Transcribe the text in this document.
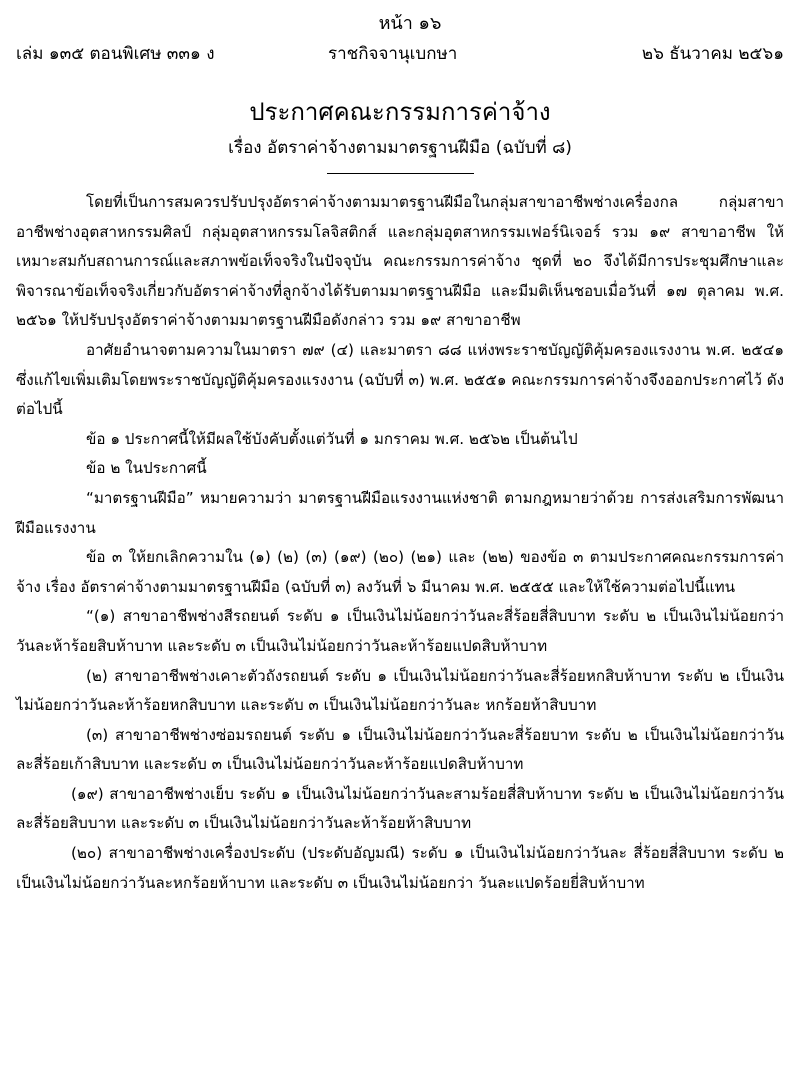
หน้า ๑๖
เล่ม ๑๓๕ ตอนพิเศษ ๓๓๑ ง	ราชกิจจานุเบกษา	๒๖ ธันวาคม ๒๕๖๑
ประกาศคณะกรรมการค่าจ้าง
เรื่อง อัตราค่าจ้างตามมาตรฐานฝีมือ (ฉบับที่ ๘)

โดยที่เป็นการสมควรปรับปรุงอัตราค่าจ้างตามมาตรฐานฝีมือในกลุ่มสาขาอาชีพช่างเครื่องกล กลุ่มสาขาอาชีพช่างอุตสาหกรรมศิลป์ กลุ่มอุตสาหกรรมโลจิสติกส์ และกลุ่มอุตสาหกรรมเฟอร์นิเจอร์ รวม ๑๙ สาขาอาชีพ ให้เหมาะสมกับสถานการณ์และสภาพข้อเท็จจริงในปัจจุบัน คณะกรรมการค่าจ้าง ชุดที่ ๒๐ จึงได้มีการประชุมศึกษาและพิจารณาข้อเท็จจริงเกี่ยวกับอัตราค่าจ้างที่ลูกจ้างได้รับตามมาตรฐานฝีมือ และมีมติเห็นชอบเมื่อวันที่ ๑๗ ตุลาคม พ.ศ. ๒๕๖๑ ให้ปรับปรุงอัตราค่าจ้างตามมาตรฐานฝีมือดังกล่าว รวม ๑๙ สาขาอาชีพ

อาศัยอำนาจตามความในมาตรา ๗๙ (๔) และมาตรา ๘๘ แห่งพระราชบัญญัติคุ้มครองแรงงาน พ.ศ. ๒๕๔๑ ซึ่งแก้ไขเพิ่มเติมโดยพระราชบัญญัติคุ้มครองแรงงาน (ฉบับที่ ๓) พ.ศ. ๒๕๕๑ คณะกรรมการค่าจ้างจึงออกประกาศไว้ ดังต่อไปนี้

ข้อ ๑ ประกาศนี้ให้มีผลใช้บังคับตั้งแต่วันที่ ๑ มกราคม พ.ศ. ๒๕๖๒ เป็นต้นไป

ข้อ ๒ ในประกาศนี้

“มาตรฐานฝีมือ” หมายความว่า มาตรฐานฝีมือแรงงานแห่งชาติ ตามกฎหมายว่าด้วย การส่งเสริมการพัฒนาฝีมือแรงงาน

ข้อ ๓ ให้ยกเลิกความใน (๑) (๒) (๓) (๑๙) (๒๐) (๒๑) และ (๒๒) ของข้อ ๓ ตามประกาศคณะกรรมการค่าจ้าง เรื่อง อัตราค่าจ้างตามมาตรฐานฝีมือ (ฉบับที่ ๓) ลงวันที่ ๖ มีนาคม พ.ศ. ๒๕๕๕ และให้ใช้ความต่อไปนี้แทน

“(๑) สาขาอาชีพช่างสีรถยนต์ ระดับ ๑ เป็นเงินไม่น้อยกว่าวันละสี่ร้อยสี่สิบบาท ระดับ ๒ เป็นเงินไม่น้อยกว่าวันละห้าร้อยสิบห้าบาท และระดับ ๓ เป็นเงินไม่น้อยกว่าวันละห้าร้อยแปดสิบห้าบาท

(๒) สาขาอาชีพช่างเคาะตัวถังรถยนต์ ระดับ ๑ เป็นเงินไม่น้อยกว่าวันละสี่ร้อยหกสิบห้าบาท ระดับ ๒ เป็นเงินไม่น้อยกว่าวันละห้าร้อยหกสิบบาท และระดับ ๓ เป็นเงินไม่น้อยกว่าวันละ หกร้อยห้าสิบบาท

(๓) สาขาอาชีพช่างซ่อมรถยนต์ ระดับ ๑ เป็นเงินไม่น้อยกว่าวันละสี่ร้อยบาท ระดับ ๒ เป็นเงินไม่น้อยกว่าวันละสี่ร้อยเก้าสิบบาท และระดับ ๓ เป็นเงินไม่น้อยกว่าวันละห้าร้อยแปดสิบห้าบาท

(๑๙) สาขาอาชีพช่างเย็บ ระดับ ๑ เป็นเงินไม่น้อยกว่าวันละสามร้อยสี่สิบห้าบาท ระดับ ๒ เป็นเงินไม่น้อยกว่าวันละสี่ร้อยสิบบาท และระดับ ๓ เป็นเงินไม่น้อยกว่าวันละห้าร้อยห้าสิบบาท

(๒๐) สาขาอาชีพช่างเครื่องประดับ (ประดับอัญมณี) ระดับ ๑ เป็นเงินไม่น้อยกว่าวันละ สี่ร้อยสี่สิบบาท ระดับ ๒ เป็นเงินไม่น้อยกว่าวันละหกร้อยห้าบาท และระดับ ๓ เป็นเงินไม่น้อยกว่า วันละแปดร้อยยี่สิบห้าบาท
